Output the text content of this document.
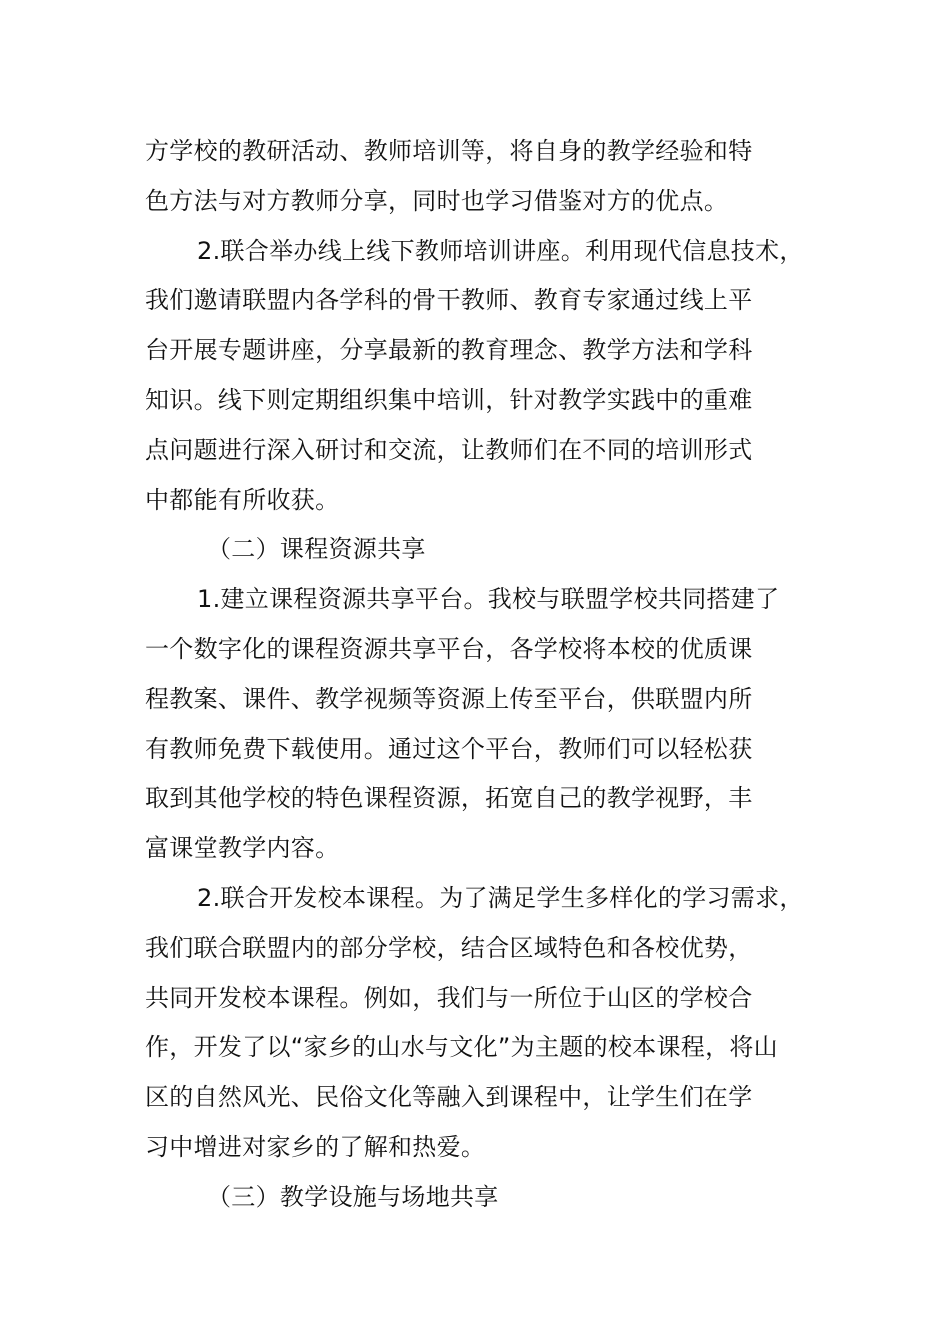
方学校的教研活动、教师培训等，将自身的教学经验和特
色方法与对方教师分享，同时也学习借鉴对方的优点。
2.联合举办线上线下教师培训讲座。利用现代信息技术，
我们邀请联盟内各学科的骨干教师、教育专家通过线上平
台开展专题讲座，分享最新的教育理念、教学方法和学科
知识。线下则定期组织集中培训，针对教学实践中的重难
点问题进行深入研讨和交流，让教师们在不同的培训形式
中都能有所收获。
（二）课程资源共享
1.建立课程资源共享平台。我校与联盟学校共同搭建了
一个数字化的课程资源共享平台，各学校将本校的优质课
程教案、课件、教学视频等资源上传至平台，供联盟内所
有教师免费下载使用。通过这个平台，教师们可以轻松获
取到其他学校的特色课程资源，拓宽自己的教学视野，丰
富课堂教学内容。
2.联合开发校本课程。为了满足学生多样化的学习需求，
我们联合联盟内的部分学校，结合区域特色和各校优势，
共同开发校本课程。例如，我们与一所位于山区的学校合
作，开发了以“家乡的山水与文化”为主题的校本课程，将山
区的自然风光、民俗文化等融入到课程中，让学生们在学
习中增进对家乡的了解和热爱。
（三）教学设施与场地共享
